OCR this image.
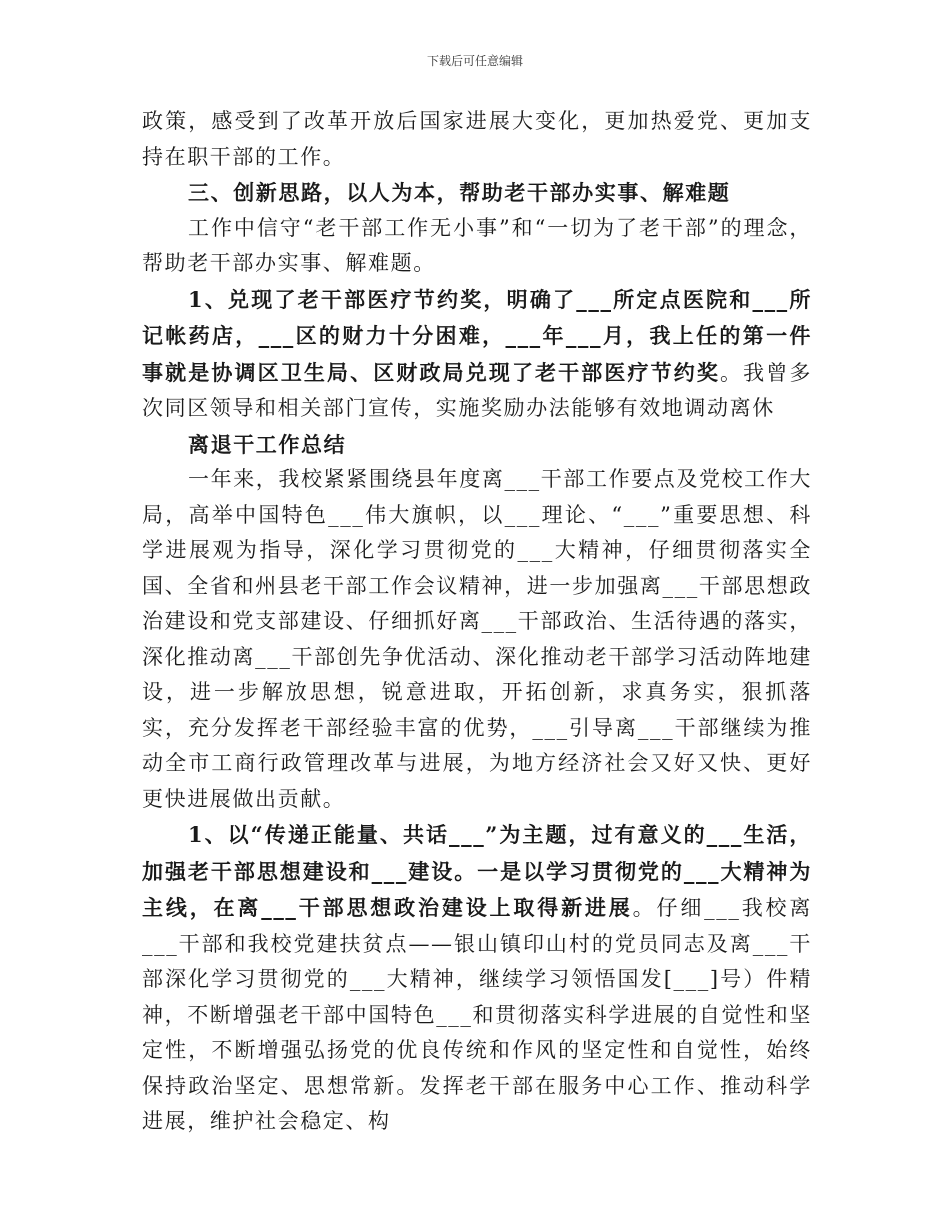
下载后可任意编辑

政策，感受到了改革开放后国家进展大变化，更加热爱党、更加支持在职干部的工作。

三、创新思路，以人为本，帮助老干部办实事、解难题

工作中信守“老干部工作无小事”和“一切为了老干部”的理念，帮助老干部办实事、解难题。

1、兑现了老干部医疗节约奖，明确了___所定点医院和___所记帐药店，___区的财力十分困难，___年___月，我上任的第一件事就是协调区卫生局、区财政局兑现了老干部医疗节约奖。我曾多次同区领导和相关部门宣传，实施奖励办法能够有效地调动离休

离退干工作总结

一年来，我校紧紧围绕县年度离___干部工作要点及党校工作大局，高举中国特色___伟大旗帜，以___理论、“___”重要思想、科学进展观为指导，深化学习贯彻党的___大精神，仔细贯彻落实全国、全省和州县老干部工作会议精神，进一步加强离___干部思想政治建设和党支部建设、仔细抓好离___干部政治、生活待遇的落实，深化推动离___干部创先争优活动、深化推动老干部学习活动阵地建设，进一步解放思想，锐意进取，开拓创新，求真务实，狠抓落实，充分发挥老干部经验丰富的优势，___引导离___干部继续为推动全市工商行政管理改革与进展，为地方经济社会又好又快、更好更快进展做出贡献。

1、以“传递正能量、共话___”为主题，过有意义的___生活，加强老干部思想建设和___建设。一是以学习贯彻党的___大精神为主线，在离___干部思想政治建设上取得新进展。仔细___我校离___干部和我校党建扶贫点——银山镇印山村的党员同志及离___干部深化学习贯彻党的___大精神，继续学习领悟国发[___]号）件精神，不断增强老干部中国特色___和贯彻落实科学进展的自觉性和坚定性，不断增强弘扬党的优良传统和作风的坚定性和自觉性，始终保持政治坚定、思想常新。发挥老干部在服务中心工作、推动科学进展，维护社会稳定、构
